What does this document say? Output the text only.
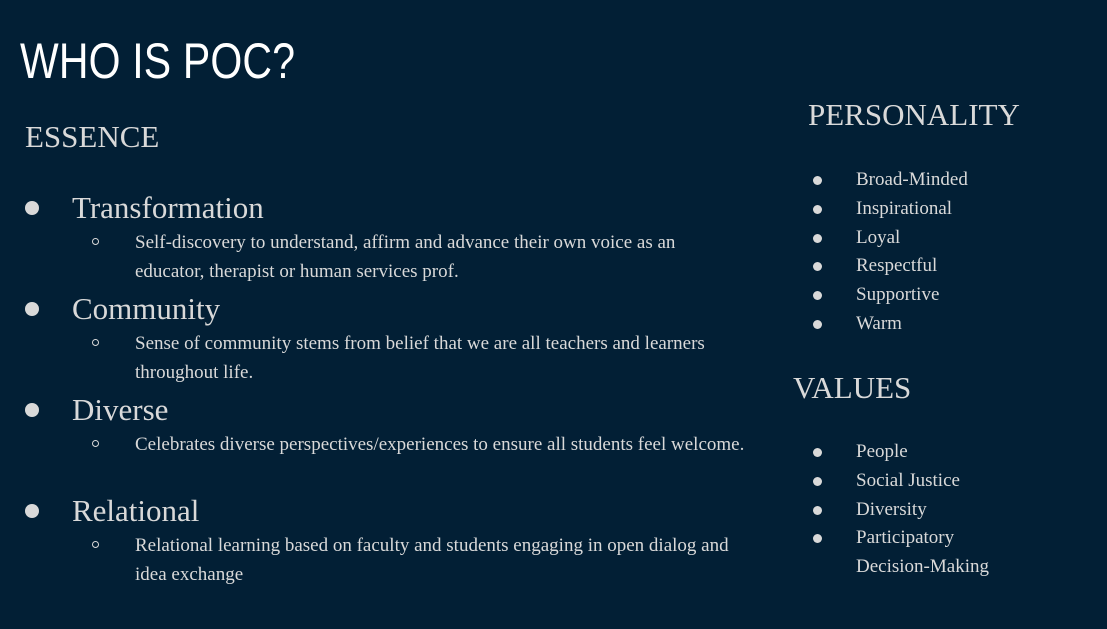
WHO IS POC?
ESSENCE
Transformation
Self-discovery to understand, affirm and advance their own voice as an educator, therapist or human services prof.
Community
Sense of community stems from belief that we are all teachers and learners throughout life.
Diverse
Celebrates diverse perspectives/experiences to ensure all students feel welcome.
Relational
Relational learning based on faculty and students engaging in open dialog and idea exchange
PERSONALITY
Broad-Minded
Inspirational
Loyal
Respectful
Supportive
Warm
VALUES
People
Social Justice
Diversity
Participatory
Decision-Making
